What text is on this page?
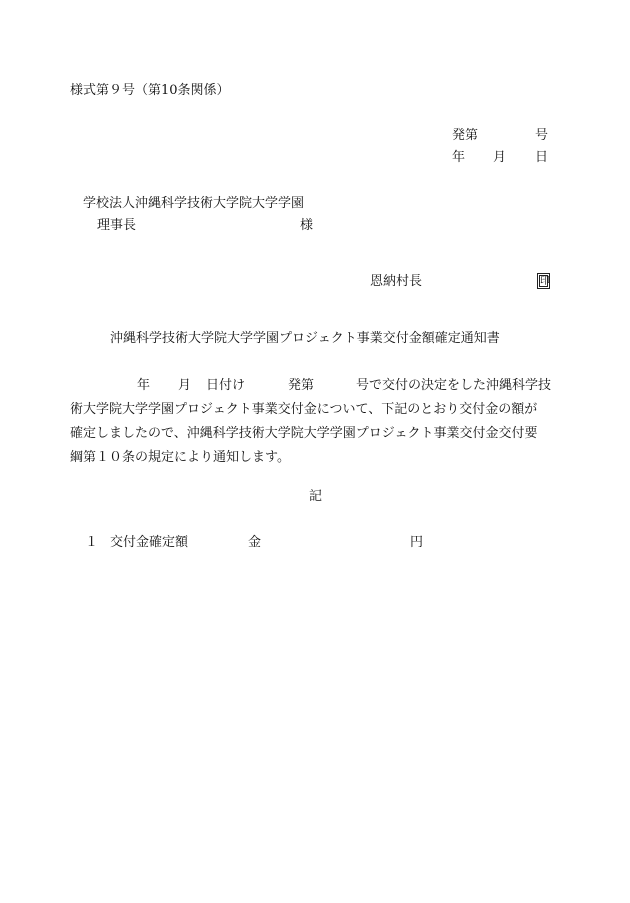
様式第９号（第10条関係）
発第	号
年 月 日
学校法人沖縄科学技術大学院大学学園
理事長	様
恩納村長	印
沖縄科学技術大学院大学学園プロジェクト事業交付金額確定通知書
年 月 日付け	発第	号で交付の決定をした沖縄科学技
術大学院大学学園プロジェクト事業交付金について、下記のとおり交付金の額が
確定しましたので、沖縄科学技術大学院大学学園プロジェクト事業交付金交付要
綱第１０条の規定により通知します。
記
１ 交付金確定額	金	円
